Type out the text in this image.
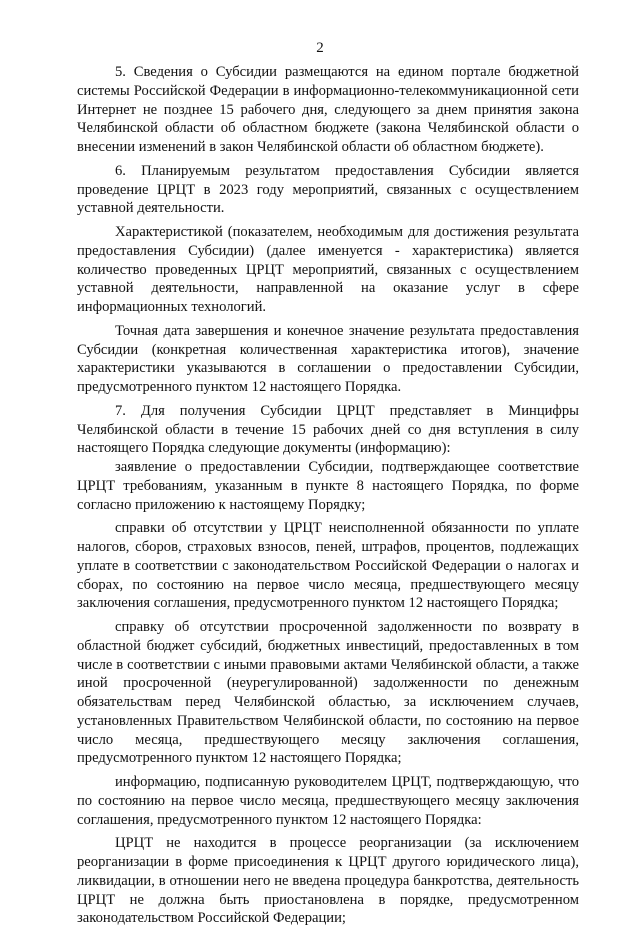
2

5. Сведения о Субсидии размещаются на едином портале бюджетной системы Российской Федерации в информационно-телекоммуникационной сети Интернет не позднее 15 рабочего дня, следующего за днем принятия закона Челябинской области об областном бюджете (закона Челябинской области о внесении изменений в закон Челябинской области об областном бюджете).

6. Планируемым результатом предоставления Субсидии является проведение ЦРЦТ в 2023 году мероприятий, связанных с осуществлением уставной деятельности.

Характеристикой (показателем, необходимым для достижения результата предоставления Субсидии) (далее именуется - характеристика) является количество проведенных ЦРЦТ мероприятий, связанных с осуществлением уставной деятельности, направленной на оказание услуг в сфере информационных технологий.

Точная дата завершения и конечное значение результата предоставления Субсидии (конкретная количественная характеристика итогов), значение характеристики указываются в соглашении о предоставлении Субсидии, предусмотренного пунктом 12 настоящего Порядка.

7. Для получения Субсидии ЦРЦТ представляет в Минцифры Челябинской области в течение 15 рабочих дней со дня вступления в силу настоящего Порядка следующие документы (информацию):

заявление о предоставлении Субсидии, подтверждающее соответствие ЦРЦТ требованиям, указанным в пункте 8 настоящего Порядка, по форме согласно приложению к настоящему Порядку;

справки об отсутствии у ЦРЦТ неисполненной обязанности по уплате налогов, сборов, страховых взносов, пеней, штрафов, процентов, подлежащих уплате в соответствии с законодательством Российской Федерации о налогах и сборах, по состоянию на первое число месяца, предшествующего месяцу заключения соглашения, предусмотренного пунктом 12 настоящего Порядка;

справку об отсутствии просроченной задолженности по возврату в областной бюджет субсидий, бюджетных инвестиций, предоставленных в том числе в соответствии с иными правовыми актами Челябинской области, а также иной просроченной (неурегулированной) задолженности по денежным обязательствам перед Челябинской областью, за исключением случаев, установленных Правительством Челябинской области, по состоянию на первое число месяца, предшествующего месяцу заключения соглашения, предусмотренного пунктом 12 настоящего Порядка;

информацию, подписанную руководителем ЦРЦТ, подтверждающую, что по состоянию на первое число месяца, предшествующего месяцу заключения соглашения, предусмотренного пунктом 12 настоящего Порядка:

ЦРЦТ не находится в процессе реорганизации (за исключением реорганизации в форме присоединения к ЦРЦТ другого юридического лица), ликвидации, в отношении него не введена процедура банкротства, деятельность ЦРЦТ не должна быть приостановлена в порядке, предусмотренном законодательством Российской Федерации;
